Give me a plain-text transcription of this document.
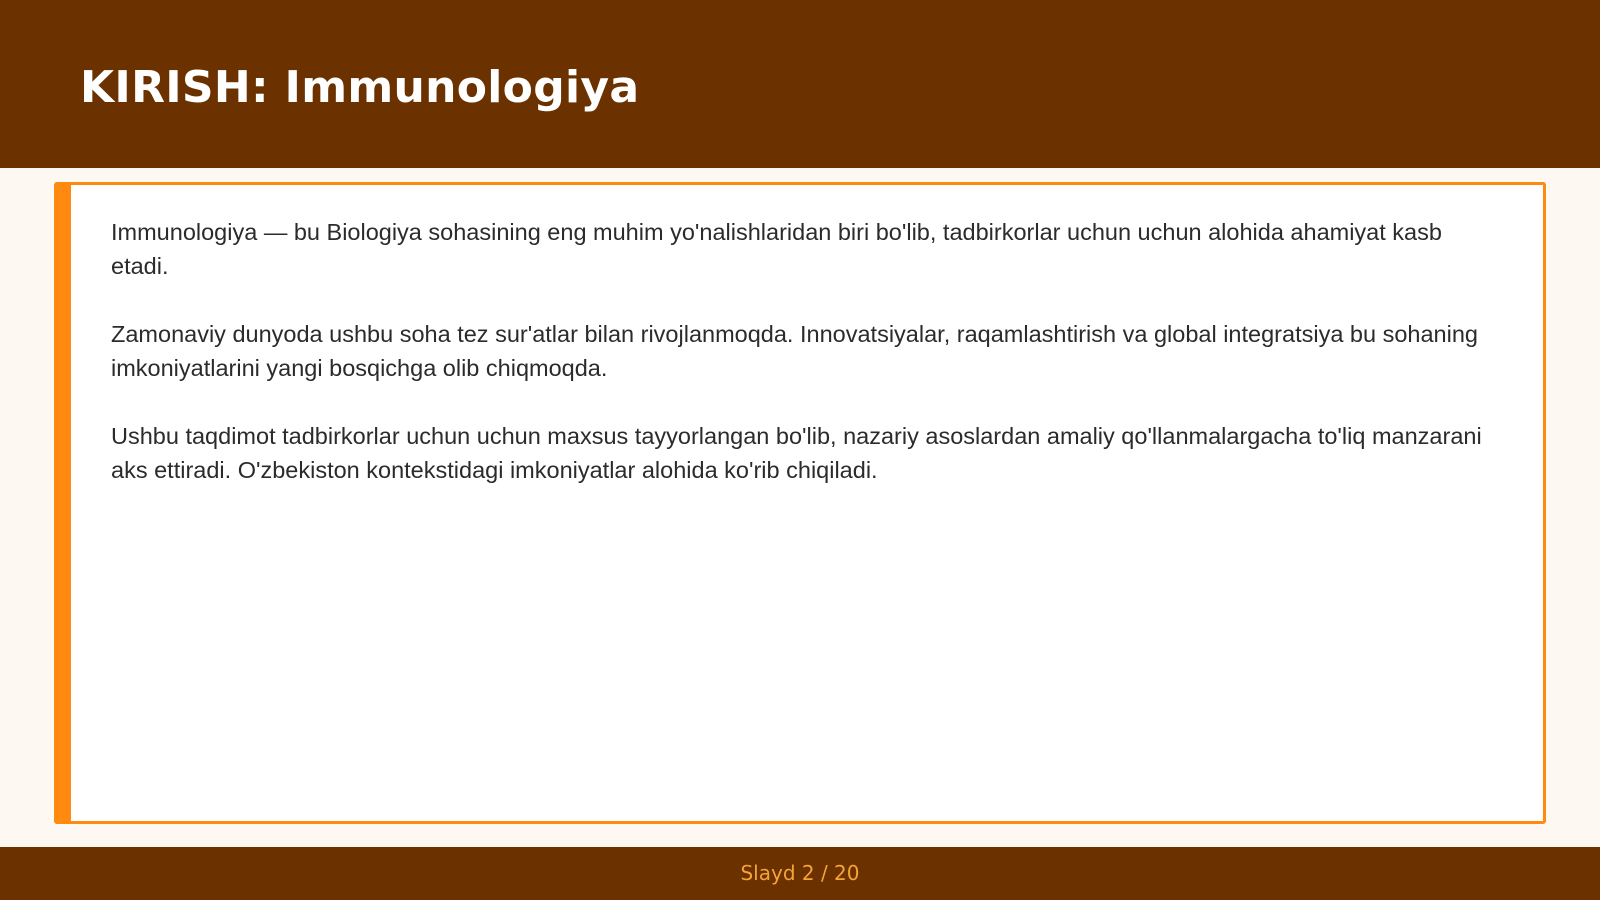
KIRISH: Immunologiya

Immunologiya — bu Biologiya sohasining eng muhim yo'nalishlaridan biri bo'lib, tadbirkorlar uchun uchun alohida ahamiyat kasb etadi.

Zamonaviy dunyoda ushbu soha tez sur'atlar bilan rivojlanmoqda. Innovatsiyalar, raqamlashtirish va global integratsiya bu sohaning imkoniyatlarini yangi bosqichga olib chiqmoqda.

Ushbu taqdimot tadbirkorlar uchun uchun maxsus tayyorlangan bo'lib, nazariy asoslardan amaliy qo'llanmalargacha to'liq manzarani aks ettiradi. O'zbekiston kontekstidagi imkoniyatlar alohida ko'rib chiqiladi.

Slayd 2 / 20
